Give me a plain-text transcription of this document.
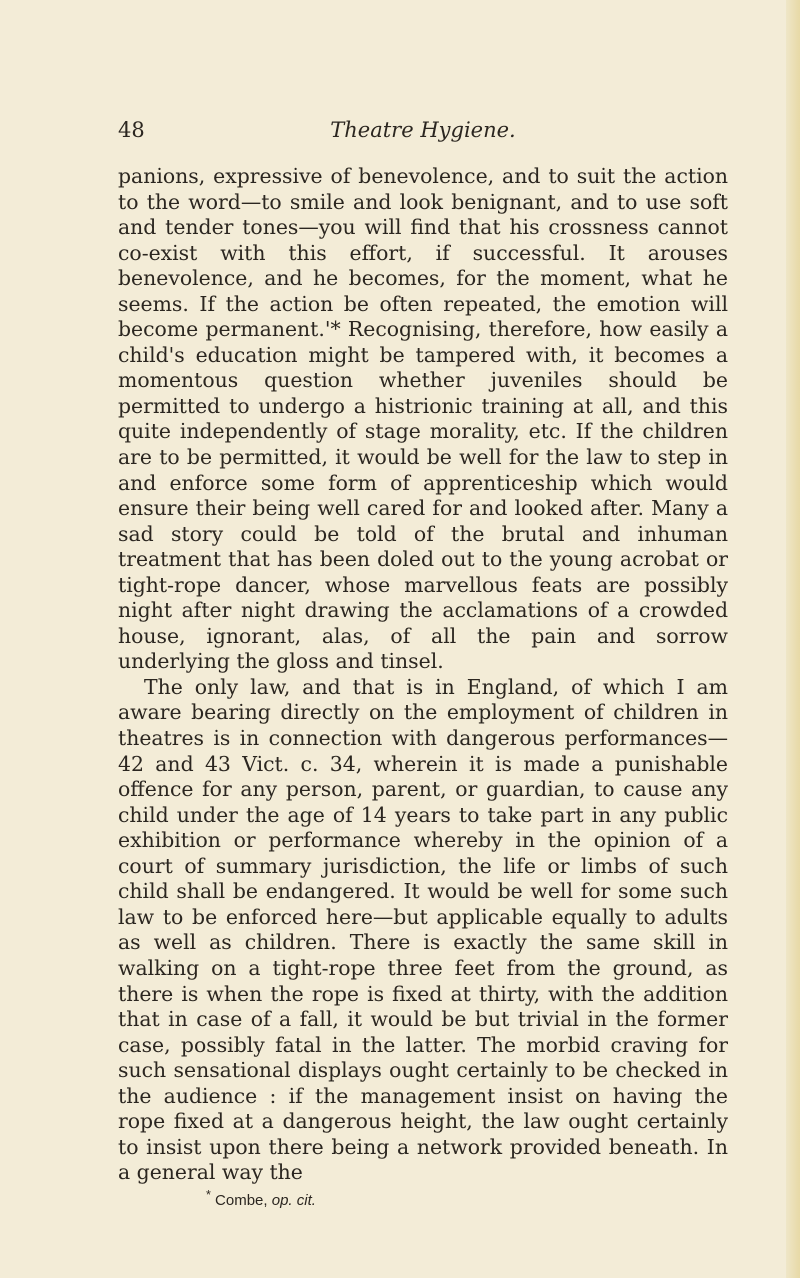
48	Theatre Hygiene.

panions, expressive of benevolence, and to suit the action to the word—to smile and look benignant, and to use soft and tender tones—you will find that his crossness cannot co-exist with this effort, if successful. It arouses benevolence, and he becomes, for the moment, what he seems. If the action be often repeated, the emotion will become permanent.'* Recognising, therefore, how easily a child's education might be tampered with, it becomes a momentous question whether juveniles should be permitted to undergo a histrionic training at all, and this quite independently of stage morality, etc. If the children are to be permitted, it would be well for the law to step in and enforce some form of apprenticeship which would ensure their being well cared for and looked after. Many a sad story could be told of the brutal and inhuman treatment that has been doled out to the young acrobat or tight-rope dancer, whose marvellous feats are possibly night after night drawing the acclamations of a crowded house, ignorant, alas, of all the pain and sorrow underlying the gloss and tinsel.

The only law, and that is in England, of which I am aware bearing directly on the employment of children in theatres is in connection with dangerous performances—42 and 43 Vict. c. 34, wherein it is made a punishable offence for any person, parent, or guardian, to cause any child under the age of 14 years to take part in any public exhibition or performance whereby in the opinion of a court of summary jurisdiction, the life or limbs of such child shall be endangered. It would be well for some such law to be enforced here—but applicable equally to adults as well as children. There is exactly the same skill in walking on a tight-rope three feet from the ground, as there is when the rope is fixed at thirty, with the addition that in case of a fall, it would be but trivial in the former case, possibly fatal in the latter. The morbid craving for such sensational displays ought certainly to be checked in the audience : if the management insist on having the rope fixed at a dangerous height, the law ought certainly to insist upon there being a network provided beneath. In a general way the

* Combe, op. cit.
